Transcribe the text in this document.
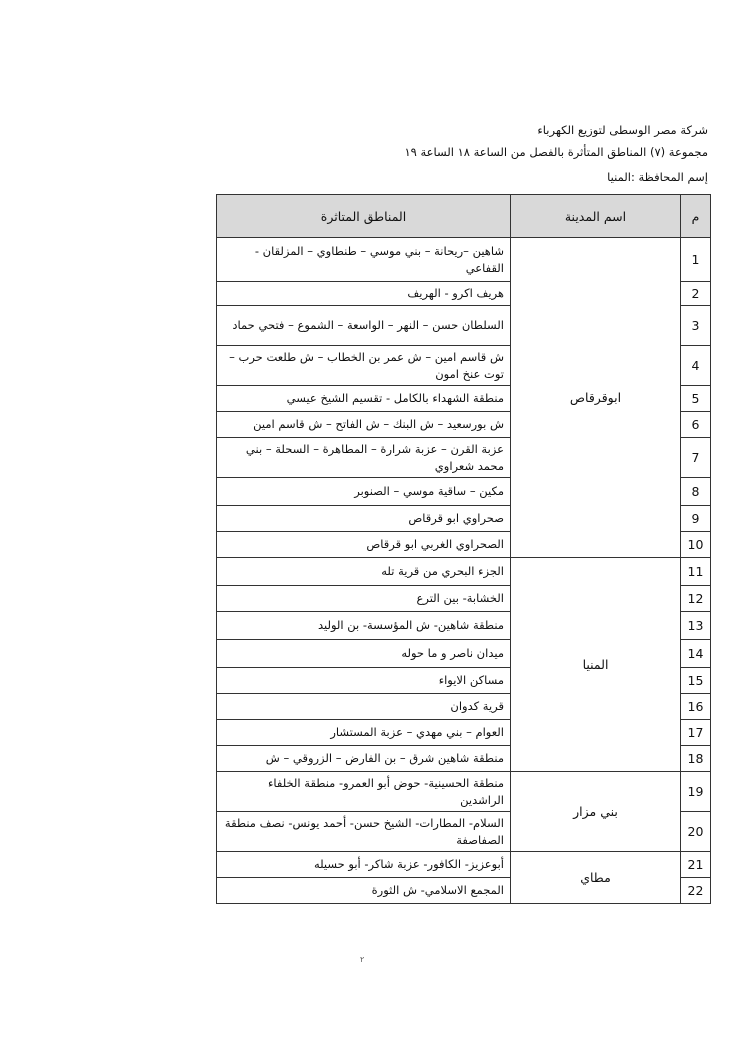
شركة مصر الوسطى لتوزيع الكهرباء
مجموعة (٧) المناطق المتأثرة بالفصل من الساعة ١٨ الساعة ١٩
إسم المحافظة :المنيا
م	اسم المدينة	المناطق المتاثرة
1	ابوقرقاص	شاهين –ريحانة – بني موسي – طنطاوي – المزلقان - القفاعي
2		هريف اكرو - الهريف
3		السلطان حسن – النهر – الواسعة – الشموع – فتحي حماد
4		ش قاسم امين – ش عمر بن الخطاب – ش طلعت حرب – توت عنخ امون
5		منطقة الشهداء بالكامل - تقسيم الشيخ عيسي
6		ش بورسعيد – ش البنك – ش الفاتح – ش قاسم امين
7		عزبة القرن – عزبة شرارة – المطاهرة – السحلة – بني محمد شعراوي
8		مكين – ساقية موسي – الصنوبر
9		صحراوي ابو قرقاص
10		الصحراوي الغربي ابو قرقاص
11	المنيا	الجزء البحري من قرية تله
12		الخشابة- بين الترع
13		منطقة شاهين- ش المؤسسة- بن الوليد
14		ميدان ناصر و ما حوله
15		مساكن الايواء
16		قرية كدوان
17		العوام – بني مهدي – عزبة المستشار
18		منطقة شاهين شرق – بن الفارض – الزروقي – ش
19	بني مزار	منطقة الحسينية- حوض أبو العمرو- منطقة الخلفاء الراشدين
20		السلام- المطارات- الشيخ حسن- أحمد يونس- نصف منطقة الصفاصفة
21	مطاي	أبوعزيز- الكافور- عزبة شاكر- أبو حسيله
22		المجمع الاسلامي- ش الثورة
٢
